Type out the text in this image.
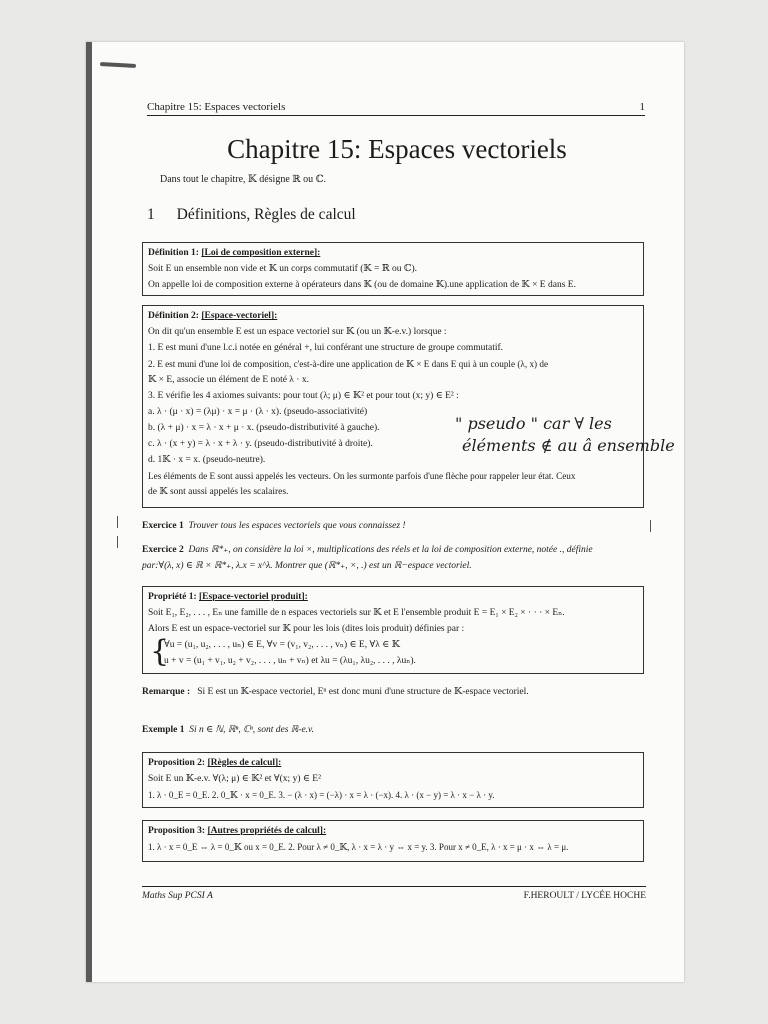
Chapitre 15: Espaces vectoriels	1
Chapitre 15: Espaces vectoriels
Dans tout le chapitre, 𝕂 désigne ℝ ou ℂ.
1 Définitions, Règles de calcul

Définition 1: [Loi de composition externe]:

Soit E un ensemble non vide et 𝕂 un corps commutatif (𝕂 = ℝ ou ℂ).

On appelle loi de composition externe à opérateurs dans 𝕂 (ou de domaine 𝕂).une application de 𝕂 × E dans E.

Définition 2: [Espace-vectoriel]:

On dit qu'un ensemble E est un espace vectoriel sur 𝕂 (ou un 𝕂-e.v.) lorsque :

1. E est muni d'une l.c.i notée en général +, lui conférant une structure de groupe commutatif.

2. E est muni d'une loi de composition, c'est-à-dire une application de 𝕂 × E dans E qui à un couple (λ, x) de

𝕂 × E, associe un élément de E noté λ · x.

3. E vérifie les 4 axiomes suivants: pour tout (λ; μ) ∈ 𝕂² et pour tout (x; y) ∈ E² :

a. λ · (μ · x) = (λμ) · x = μ · (λ · x). (pseudo-associativité)

b. (λ + μ) · x = λ · x + μ · x. (pseudo-distributivité à gauche).

c. λ · (x + y) = λ · x + λ · y. (pseudo-distributivité à droite).

d. 1𝕂 · x = x. (pseudo-neutre).

Les éléments de E sont aussi appelés les vecteurs. On les surmonte parfois d'une flèche pour rappeler leur état. Ceux

de 𝕂 sont aussi appelés les scalaires.

" pseudo " car ∀ les
éléments ∉ au â ensemble
Exercice 1 Trouver tous les espaces vectoriels que vous connaissez !
Exercice 2 Dans ℝ*₊, on considère la loi ×, multiplications des réels et la loi de composition externe, notée ., définie
par:∀(λ, x) ∈ ℝ × ℝ*₊, λ.x = x^λ. Montrer que (ℝ*₊, ×, .) est un ℝ−espace vectoriel.

Propriété 1: [Espace-vectoriel produit]:

Soit E₁, E₂, . . . , Eₙ une famille de n espaces vectoriels sur 𝕂 et E l'ensemble produit E = E₁ × E₂ × · · · × Eₙ.

Alors E est un espace-vectoriel sur 𝕂 pour les lois (dites lois produit) définies par :

∀u = (u₁, u₂, . . . , uₙ) ∈ E, ∀v = (v₁, v₂, . . . , vₙ) ∈ E, ∀λ ∈ 𝕂

u + v = (u₁ + v₁, u₂ + v₂, . . . , uₙ + vₙ) et λu = (λu₁, λu₂, . . . , λuₙ).

{
Remarque : Si E est un 𝕂-espace vectoriel, Eⁿ est donc muni d'une structure de 𝕂-espace vectoriel.
Exemple 1 Si n ∈ ℕ, ℝⁿ, ℂⁿ, sont des ℝ-e.v.

Proposition 2: [Règles de calcul]:

Soit E un 𝕂-e.v. ∀(λ; μ) ∈ 𝕂² et ∀(x; y) ∈ E²

1. λ · 0_E = 0_E. 2. 0_𝕂 · x = 0_E. 3. − (λ · x) = (−λ) · x = λ · (−x). 4. λ · (x − y) = λ · x − λ · y.

Proposition 3: [Autres propriétés de calcul]:

1. λ · x = 0_E ⇔ λ = 0_𝕂 ou x = 0_E. 2. Pour λ ≠ 0_𝕂, λ · x = λ · y ⇔ x = y. 3. Pour x ≠ 0_E, λ · x = μ · x ⇔ λ = μ.

Maths Sup PCSI A	F.HEROULT / LYCÉE HOCHE
